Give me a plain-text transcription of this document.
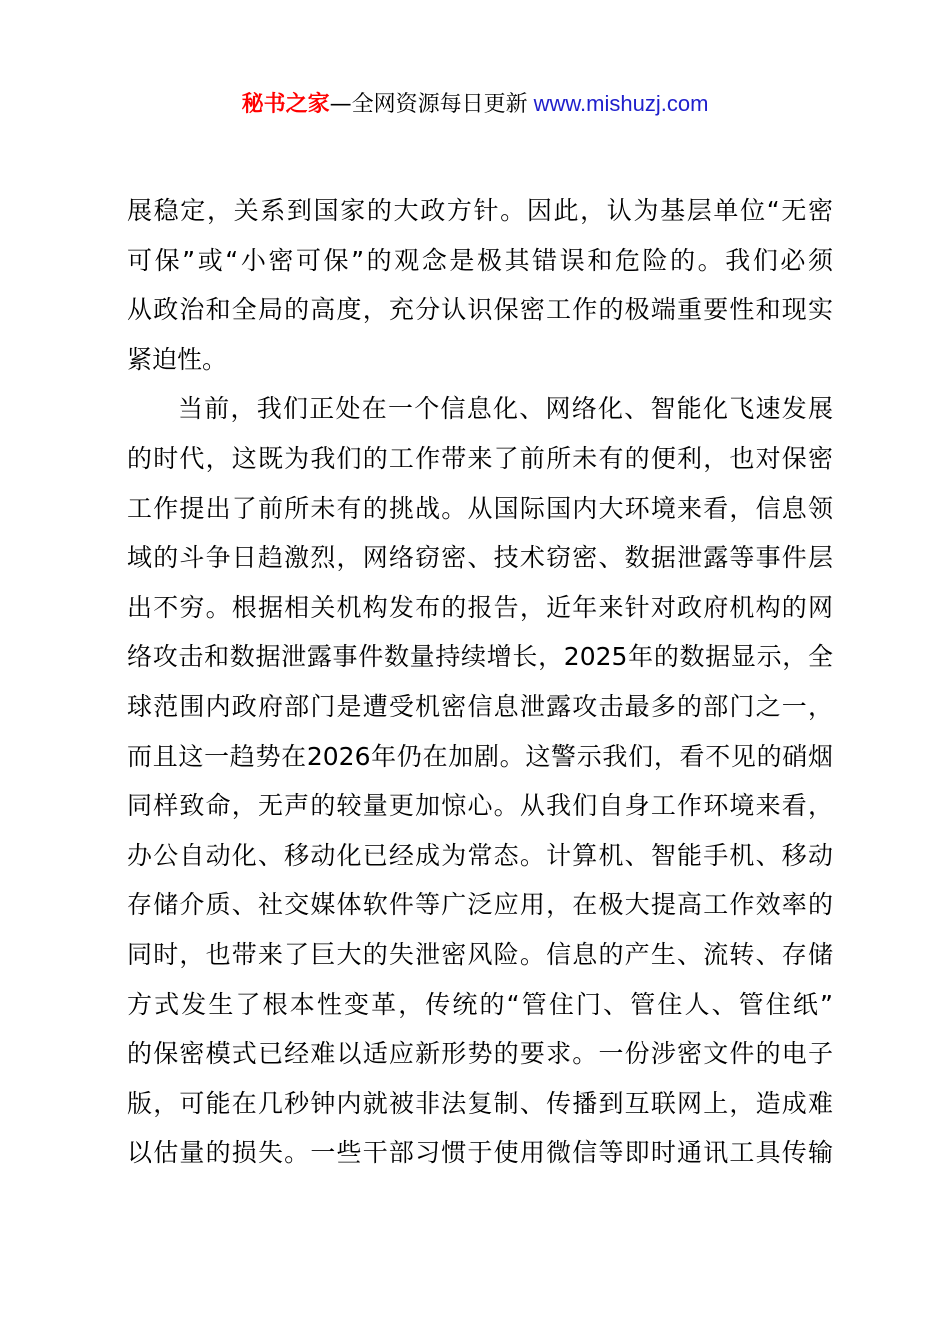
秘书之家—全网资源每日更新 www.mishuzj.com
展稳定，关系到国家的大政方针。因此，认为基层单位“无密
可保”或“小密可保”的观念是极其错误和危险的。我们必须
从政治和全局的高度，充分认识保密工作的极端重要性和现实
紧迫性。
当前，我们正处在一个信息化、网络化、智能化飞速发展
的时代，这既为我们的工作带来了前所未有的便利，也对保密
工作提出了前所未有的挑战。从国际国内大环境来看，信息领
域的斗争日趋激烈，网络窃密、技术窃密、数据泄露等事件层
出不穷。根据相关机构发布的报告，近年来针对政府机构的网
络攻击和数据泄露事件数量持续增长，2025年的数据显示，全
球范围内政府部门是遭受机密信息泄露攻击最多的部门之一，
而且这一趋势在2026年仍在加剧。这警示我们，看不见的硝烟
同样致命，无声的较量更加惊心。从我们自身工作环境来看，
办公自动化、移动化已经成为常态。计算机、智能手机、移动
存储介质、社交媒体软件等广泛应用，在极大提高工作效率的
同时，也带来了巨大的失泄密风险。信息的产生、流转、存储
方式发生了根本性变革，传统的“管住门、管住人、管住纸”
的保密模式已经难以适应新形势的要求。一份涉密文件的电子
版，可能在几秒钟内就被非法复制、传播到互联网上，造成难
以估量的损失。一些干部习惯于使用微信等即时通讯工具传输
